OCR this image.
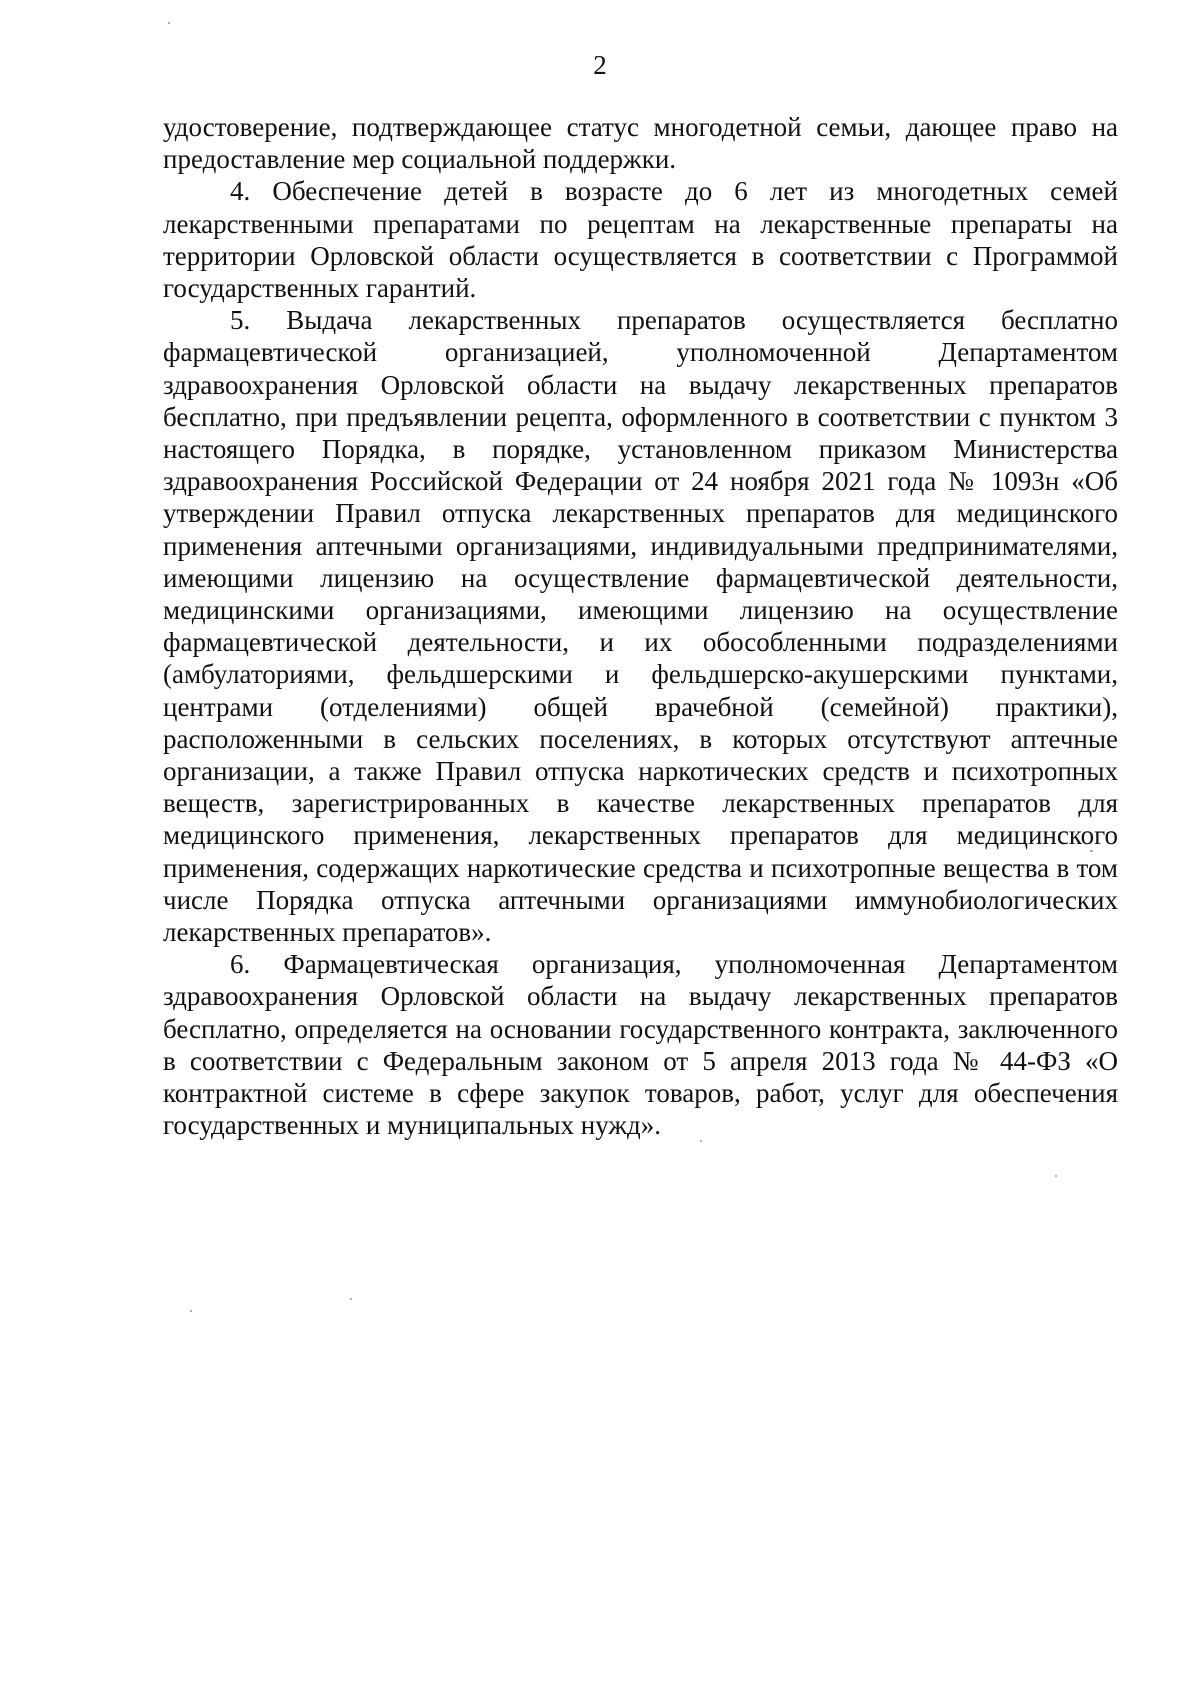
2

удостоверение, подтверждающее статус многодетной семьи, дающее право на предоставление мер социальной поддержки.

4. Обеспечение детей в возрасте до 6 лет из многодетных семей лекарственными препаратами по рецептам на лекарственные препараты на территории Орловской области осуществляется в соответствии с Программой государственных гарантий.

5. Выдача лекарственных препаратов осуществляется бесплатно фармацевтической организацией, уполномоченной Департаментом здравоохранения Орловской области на выдачу лекарственных препаратов бесплатно, при предъявлении рецепта, оформленного в соответствии с пунктом 3 настоящего Порядка, в порядке, установленном приказом Министерства здравоохранения Российской Федерации от 24 ноября 2021 года № 1093н «Об утверждении Правил отпуска лекарственных препаратов для медицинского применения аптечными организациями, индивидуальными предпринимателями, имеющими лицензию на осуществление фармацевтической деятельности, медицинскими организациями, имеющими лицензию на осуществление фармацевтической деятельности, и их обособленными подразделениями (амбулаториями, фельдшерскими и фельдшерско-акушерскими пунктами, центрами (отделениями) общей врачебной (семейной) практики), расположенными в сельских поселениях, в которых отсутствуют аптечные организации, а также Правил отпуска наркотических средств и психотропных веществ, зарегистрированных в качестве лекарственных препаратов для медицинского применения, лекарственных препаратов для медицинского применения, содержащих наркотические средства и психотропные вещества в том числе Порядка отпуска аптечными организациями иммунобиологических лекарственных препаратов».

6. Фармацевтическая организация, уполномоченная Департаментом здравоохранения Орловской области на выдачу лекарственных препаратов бесплатно, определяется на основании государственного контракта, заключенного в соответствии с Федеральным законом от 5 апреля 2013 года № 44-ФЗ «О контрактной системе в сфере закупок товаров, работ, услуг для обеспечения государственных и муниципальных нужд».
